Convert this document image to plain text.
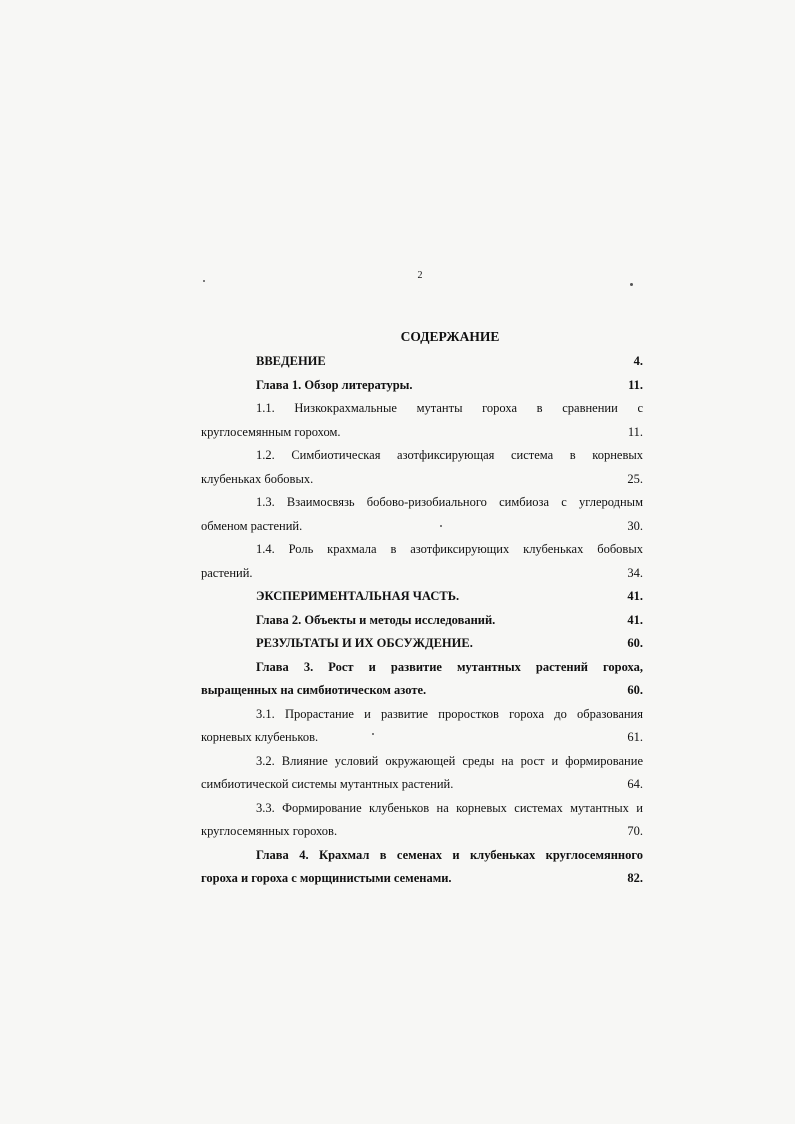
2
СОДЕРЖАНИЕ
ВВЕДЕНИЕ	4.
Глава 1. Обзор литературы.	11.
1.1. Низкокрахмальные мутанты гороха в сравнении с
круглосемянным горохом.	11.
1.2. Симбиотическая азотфиксирующая система в корневых
клубеньках бобовых.	25.
1.3. Взаимосвязь бобово-ризобиального симбиоза с углеродным
обменом растений.	30.
1.4. Роль крахмала в азотфиксирующих клубеньках бобовых
растений.	34.
ЭКСПЕРИМЕНТАЛЬНАЯ ЧАСТЬ.	41.
Глава 2. Объекты и методы исследований.	41.
РЕЗУЛЬТАТЫ И ИХ ОБСУЖДЕНИЕ.	60.
Глава 3. Рост и развитие мутантных растений гороха,
выращенных на симбиотическом азоте.	60.
3.1. Прорастание и развитие проростков гороха до образования
корневых клубеньков.	61.
3.2. Влияние условий окружающей среды на рост и формирование
симбиотической системы мутантных растений.	64.
3.3. Формирование клубеньков на корневых системах мутантных и
круглосемянных горохов.	70.
Глава 4. Крахмал в семенах и клубеньках круглосемянного
гороха и гороха с морщинистыми семенами.	82.
